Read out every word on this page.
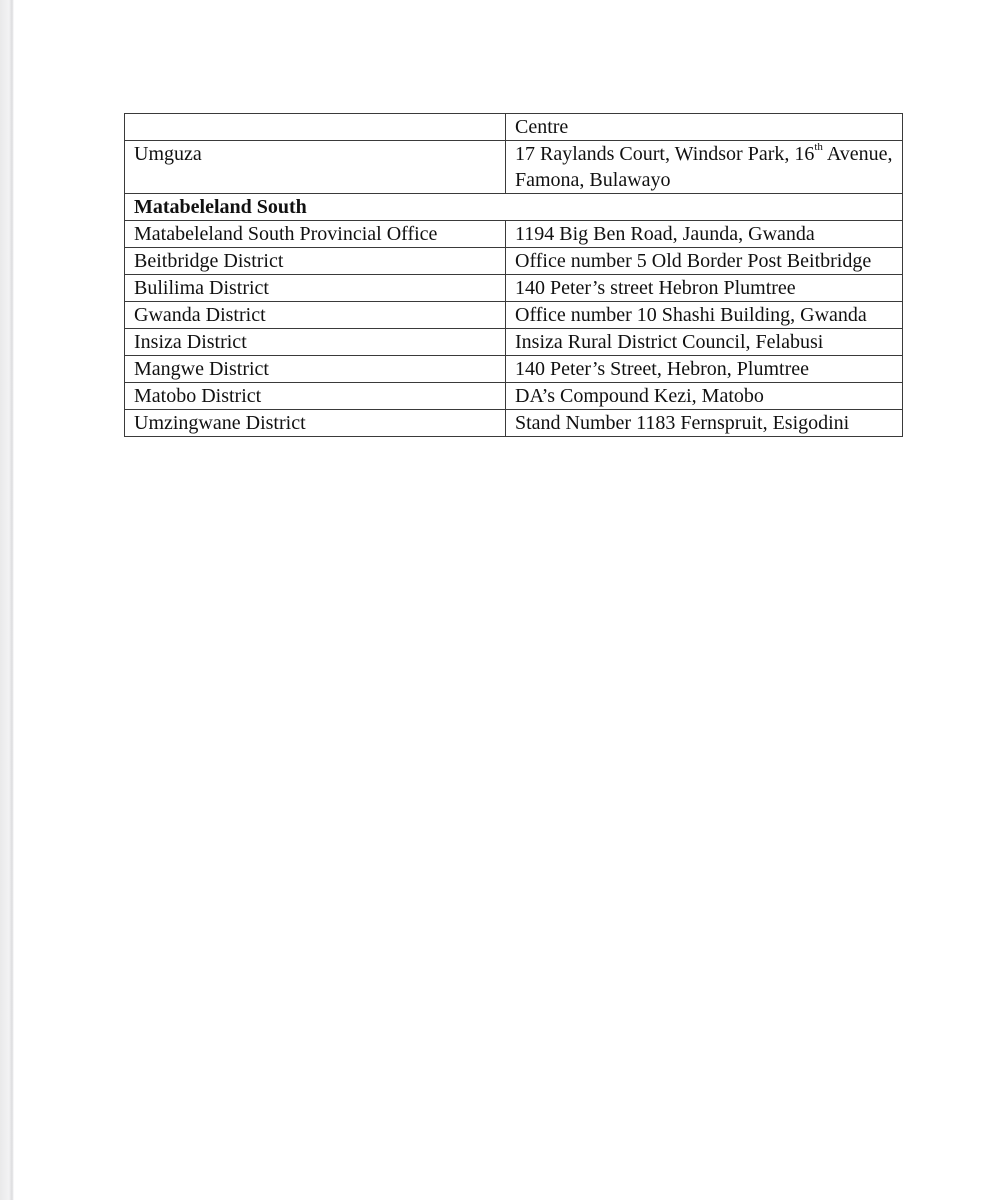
	Centre
Umguza	17 Raylands Court, Windsor Park, 16th Avenue, Famona, Bulawayo
Matabeleland South	
Matabeleland South Provincial Office	1194 Big Ben Road, Jaunda, Gwanda
Beitbridge District	Office number 5 Old Border Post Beitbridge
Bulilima District	140 Peter’s street Hebron Plumtree
Gwanda District	Office number 10 Shashi Building, Gwanda
Insiza District	Insiza Rural District Council, Felabusi
Mangwe District	140 Peter’s Street, Hebron, Plumtree
Matobo District	DA’s Compound Kezi, Matobo
Umzingwane District	Stand Number 1183 Fernspruit, Esigodini
